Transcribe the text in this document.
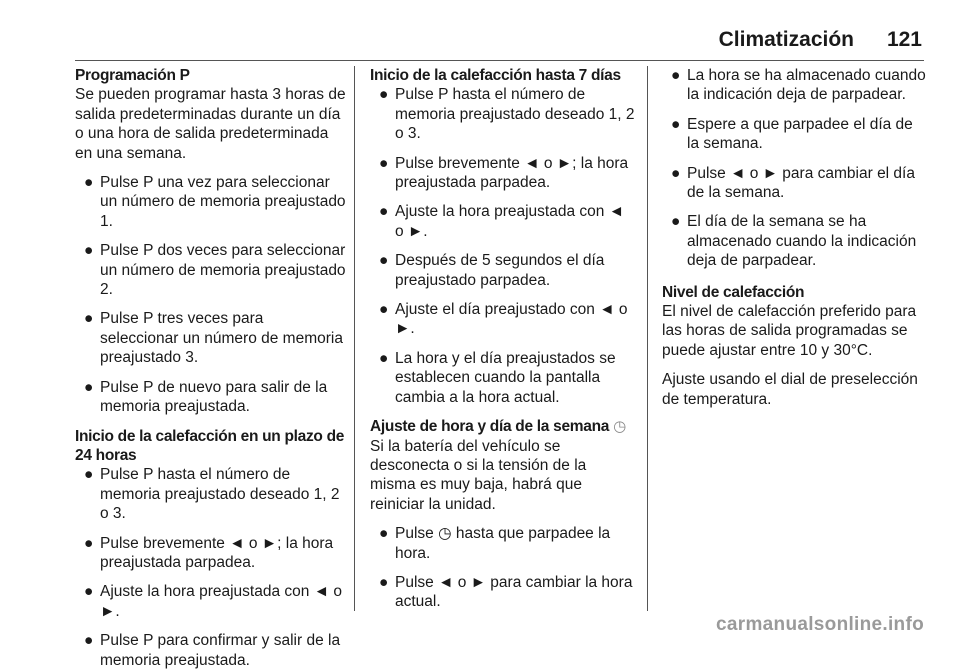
Climatización 121
Programación P
Se pueden programar hasta 3 horas de salida predeterminadas durante un día o una hora de salida predeterminada en una semana.
● Pulse P una vez para seleccionar un número de memoria preajustado 1.
● Pulse P dos veces para seleccionar un número de memoria preajustado 2.
● Pulse P tres veces para seleccionar un número de memoria preajustado 3.
● Pulse P de nuevo para salir de la memoria preajustada.
Inicio de la calefacción en un plazo de 24 horas
● Pulse P hasta el número de memoria preajustado deseado 1, 2 o 3.
● Pulse brevemente ◄ o ►; la hora preajustada parpadea.
● Ajuste la hora preajustada con ◄ o ►.
● Pulse P para confirmar y salir de la memoria preajustada.
Inicio de la calefacción hasta 7 días
● Pulse P hasta el número de memoria preajustado deseado 1, 2 o 3.
● Pulse brevemente ◄ o ►; la hora preajustada parpadea.
● Ajuste la hora preajustada con ◄ o ►.
● Después de 5 segundos el día preajustado parpadea.
● Ajuste el día preajustado con ◄ o ►.
● La hora y el día preajustados se establecen cuando la pantalla cambia a la hora actual.
Ajuste de hora y día de la semana ◷
Si la batería del vehículo se desconecta o si la tensión de la misma es muy baja, habrá que reiniciar la unidad.
● Pulse ◷ hasta que parpadee la hora.
● Pulse ◄ o ► para cambiar la hora actual.
● La hora se ha almacenado cuando la indicación deja de parpadear.
● Espere a que parpadee el día de la semana.
● Pulse ◄ o ► para cambiar el día de la semana.
● El día de la semana se ha almacenado cuando la indicación deja de parpadear.
Nivel de calefacción
El nivel de calefacción preferido para las horas de salida programadas se puede ajustar entre 10 y 30°C.
Ajuste usando el dial de preselección de temperatura.
carmanualsonline.info
